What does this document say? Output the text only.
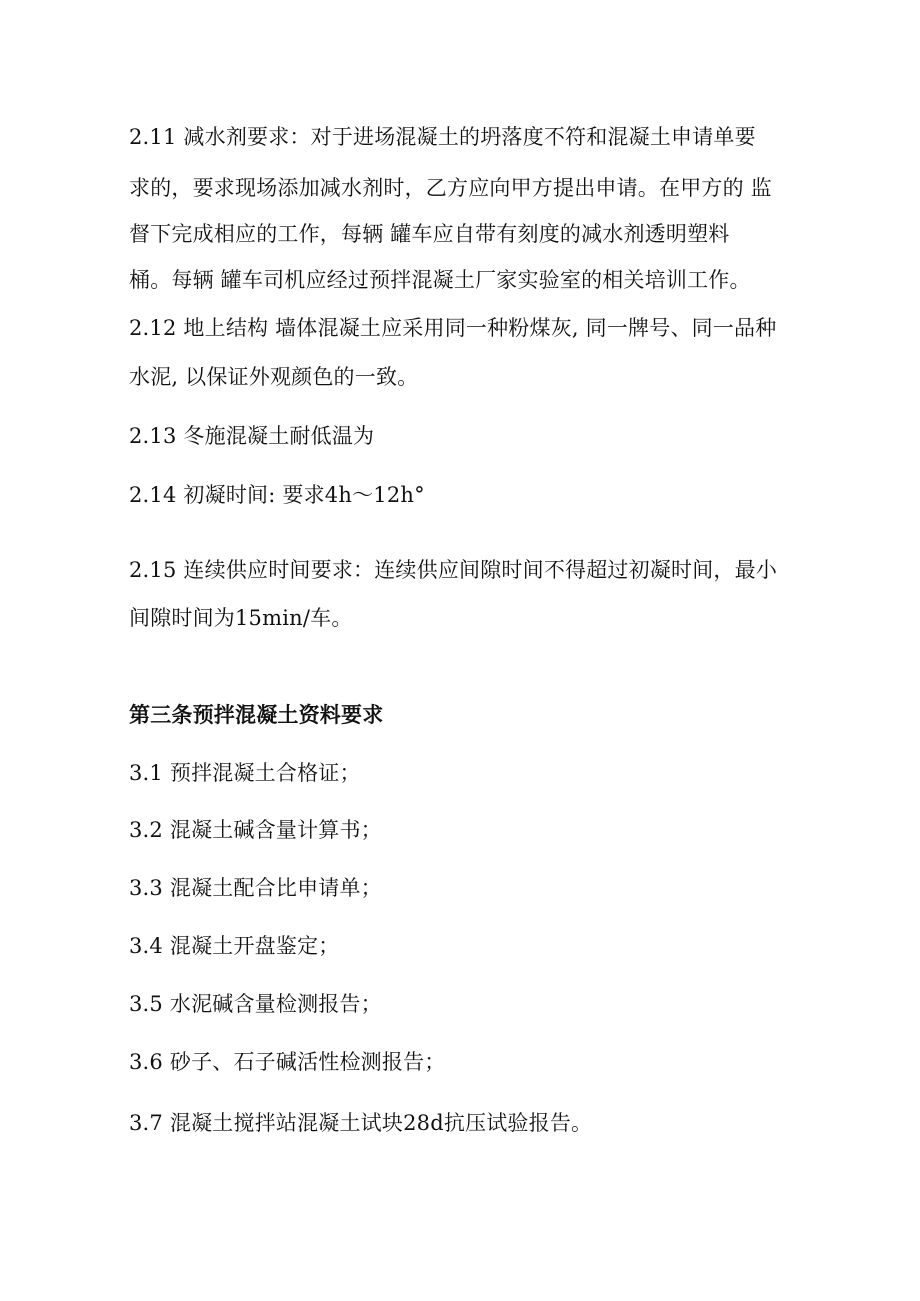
2.11 减水剂要求：对于进场混凝土的坍落度不符和混凝土申请单要
求的，要求现场添加减水剂时，乙方应向甲方提出申请。在甲方的 监
督下完成相应的工作，每辆 罐车应自带有刻度的减水剂透明塑料
桶。每辆 罐车司机应经过预拌混凝土厂家实验室的相关培训工作。
2.12 地上结构 墙体混凝土应采用同一种粉煤灰, 同一牌号、同一品种
水泥, 以保证外观颜色的一致。
2.13 冬施混凝土耐低温为
2.14 初凝时间: 要求4h～12h°
2.15 连续供应时间要求：连续供应间隙时间不得超过初凝时间，最小
间隙时间为15min/车。
第三条预拌混凝土资料要求
3.1 预拌混凝土合格证；
3.2 混凝土碱含量计算书；
3.3 混凝土配合比申请单；
3.4 混凝土开盘鉴定；
3.5 水泥碱含量检测报告；
3.6 砂子、石子碱活性检测报告；
3.7 混凝土搅拌站混凝土试块28d抗压试验报告。
